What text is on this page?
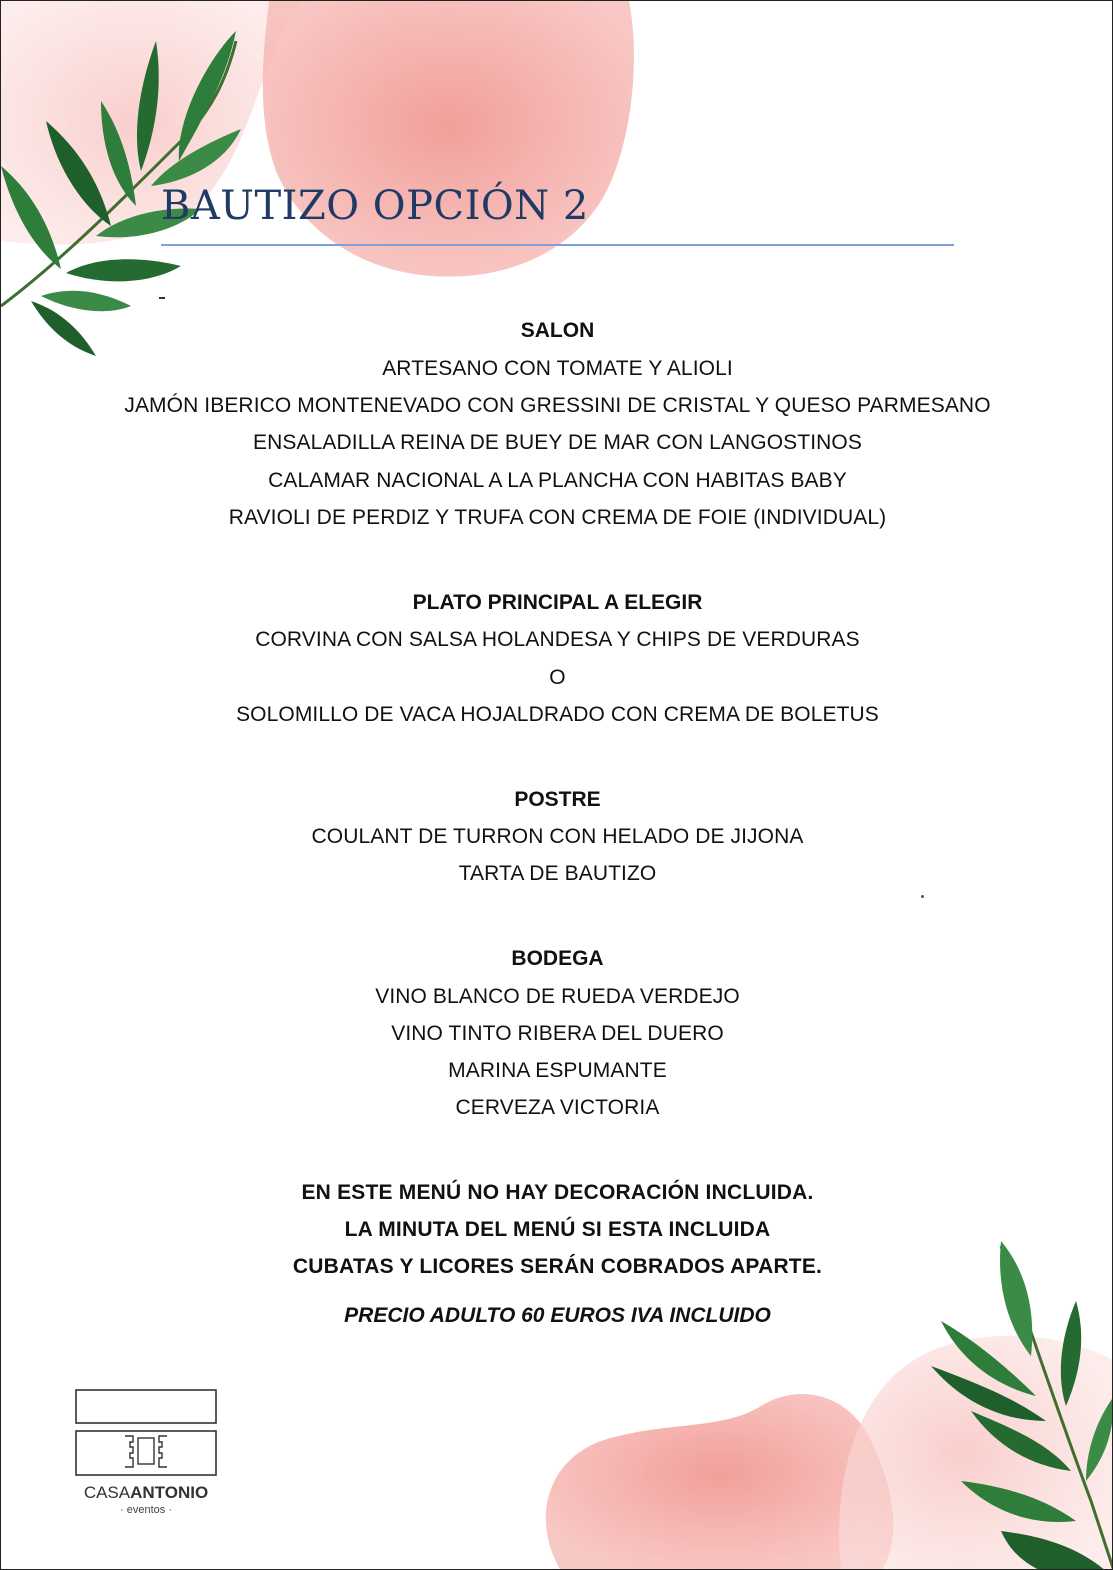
BAUTIZO OPCIÓN 2
SALON
ARTESANO CON TOMATE Y ALIOLI
JAMÓN IBERICO MONTENEVADO CON GRESSINI DE CRISTAL Y QUESO PARMESANO
ENSALADILLA REINA DE BUEY DE MAR CON LANGOSTINOS
CALAMAR NACIONAL A LA PLANCHA CON HABITAS BABY
RAVIOLI DE PERDIZ Y TRUFA CON CREMA DE FOIE (INDIVIDUAL)
PLATO PRINCIPAL A ELEGIR
CORVINA CON SALSA HOLANDESA Y CHIPS DE VERDURAS
O
SOLOMILLO DE VACA HOJALDRADO CON CREMA DE BOLETUS
POSTRE
COULANT DE TURRON CON HELADO DE JIJONA
TARTA DE BAUTIZO
BODEGA
VINO BLANCO DE RUEDA VERDEJO
VINO TINTO RIBERA DEL DUERO
MARINA ESPUMANTE
CERVEZA VICTORIA
EN ESTE MENÚ NO HAY DECORACIÓN INCLUIDA.
LA MINUTA DEL MENÚ SI ESTA INCLUIDA
CUBATAS Y LICORES SERÁN COBRADOS APARTE.
PRECIO ADULTO 60 EUROS IVA INCLUIDO
CASAANTONIO
· eventos ·
